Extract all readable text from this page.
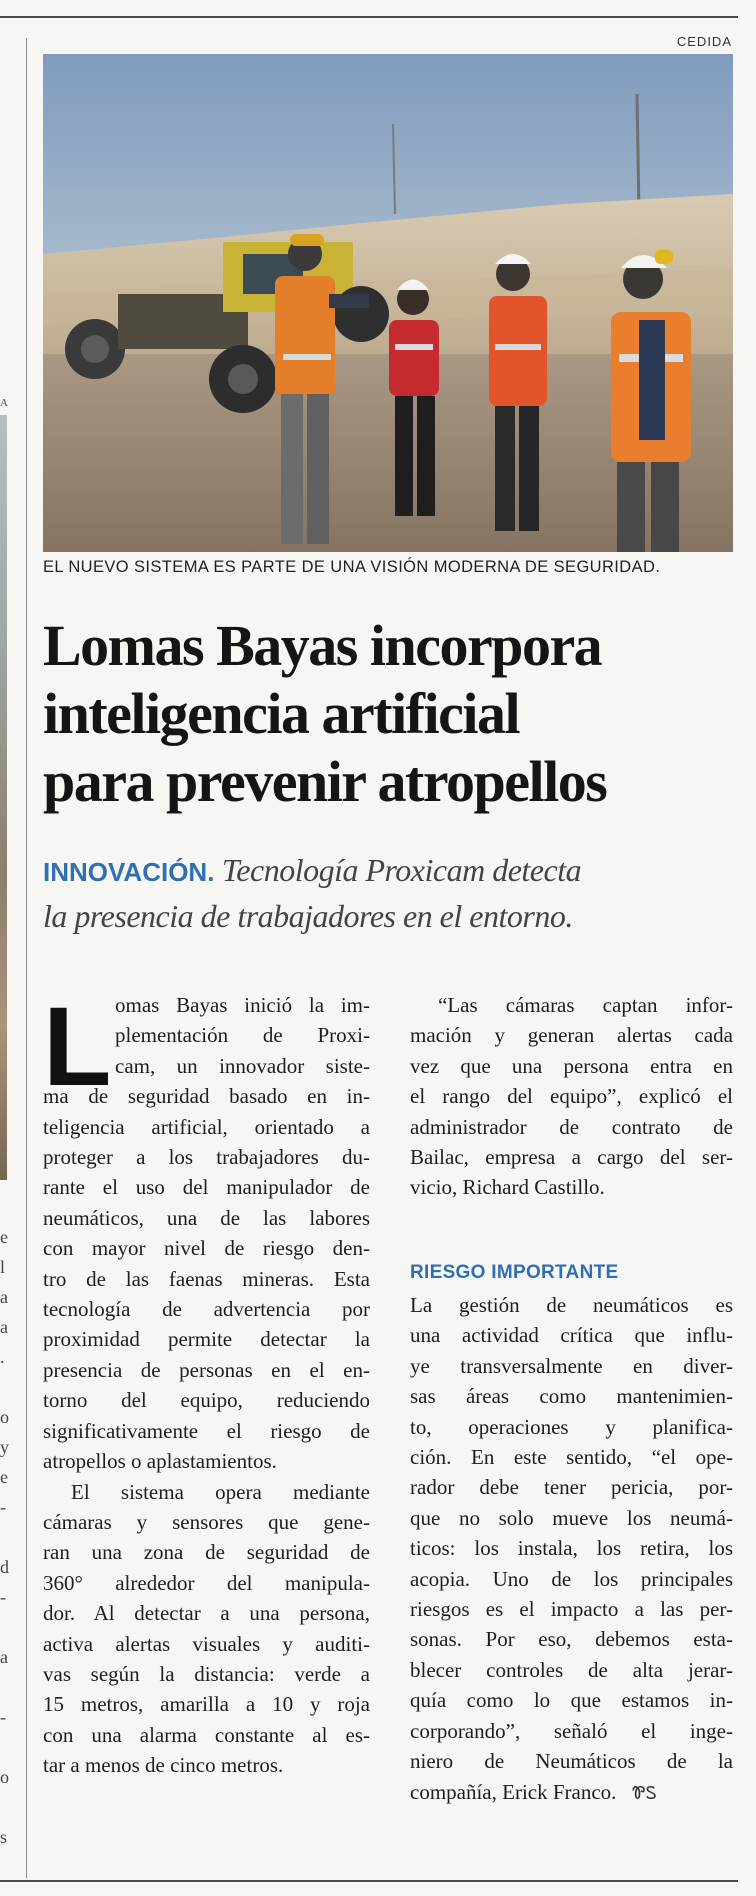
A
e
l
a
a
.
o
y
e
-
d
-
a
-
o
s
CEDIDA
EL NUEVO SISTEMA ES PARTE DE UNA VISIÓN MODERNA DE SEGURIDAD.
Lomas Bayas incorpora
inteligencia artificial
para prevenir atropellos
INNOVACIÓN. Tecnología Proxicam detecta
la presencia de trabajadores en el entorno.
L omas Bayas inició la im-
plementación de Proxi-
cam, un innovador siste-
ma de seguridad basado en in-
teligencia artificial, orientado a
proteger a los trabajadores du-
rante el uso del manipulador de
neumáticos, una de las labores
con mayor nivel de riesgo den-
tro de las faenas mineras. Esta
tecnología de advertencia por
proximidad permite detectar la
presencia de personas en el en-
torno del equipo, reduciendo
significativamente el riesgo de
atropellos o aplastamientos.
El sistema opera mediante
cámaras y sensores que gene-
ran una zona de seguridad de
360° alrededor del manipula-
dor. Al detectar a una persona,
activa alertas visuales y auditi-
vas según la distancia: verde a
15 metros, amarilla a 10 y roja
con una alarma constante al es-
tar a menos de cinco metros.
“Las cámaras captan infor-
mación y generan alertas cada
vez que una persona entra en
el rango del equipo”, explicó el
administrador de contrato de
Bailac, empresa a cargo del ser-
vicio, Richard Castillo.
RIESGO IMPORTANTE
La gestión de neumáticos es
una actividad crítica que influ-
ye transversalmente en diver-
sas áreas como mantenimien-
to, operaciones y planifica-
ción. En este sentido, “el ope-
rador debe tener pericia, por-
que no solo mueve los neumá-
ticos: los instala, los retira, los
acopia. Uno de los principales
riesgos es el impacto a las per-
sonas. Por eso, debemos esta-
blecer controles de alta jerar-
quía como lo que estamos in-
corporando”, señaló el inge-
niero de Neumáticos de la
compañía, Erick Franco. ᏈᏚ
